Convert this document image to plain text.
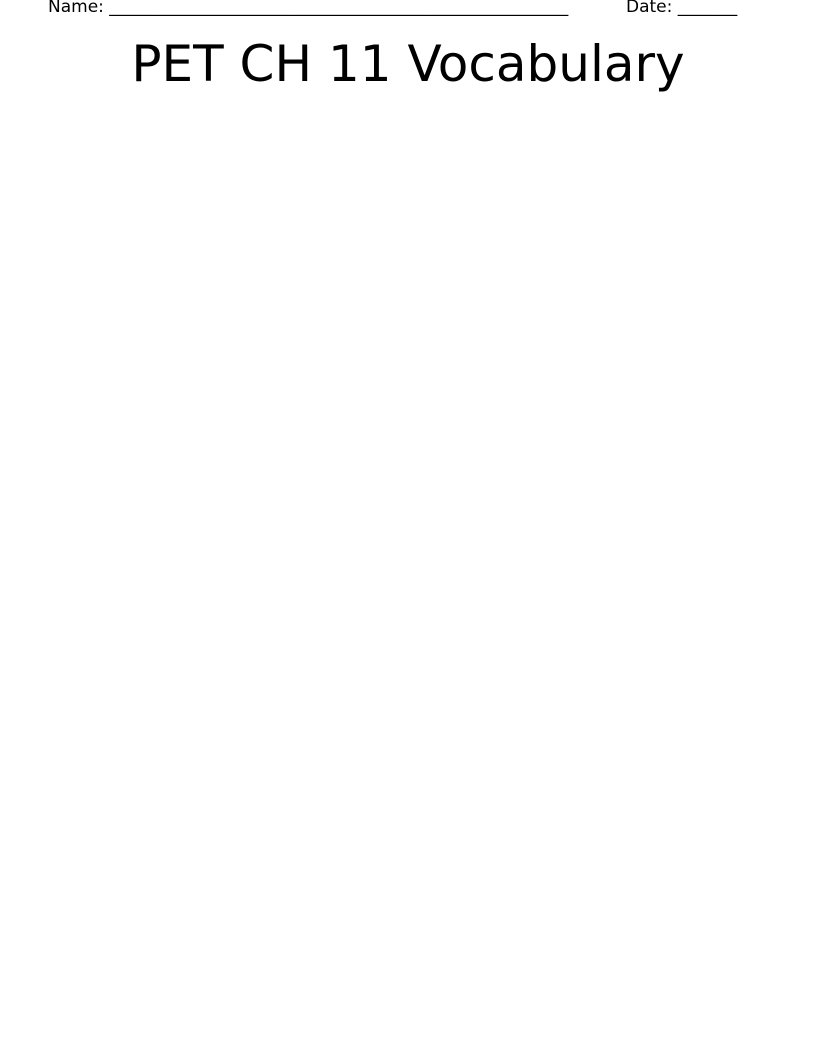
Name: ______________________________________________________	Date: _______
PET CH 11 Vocabulary
